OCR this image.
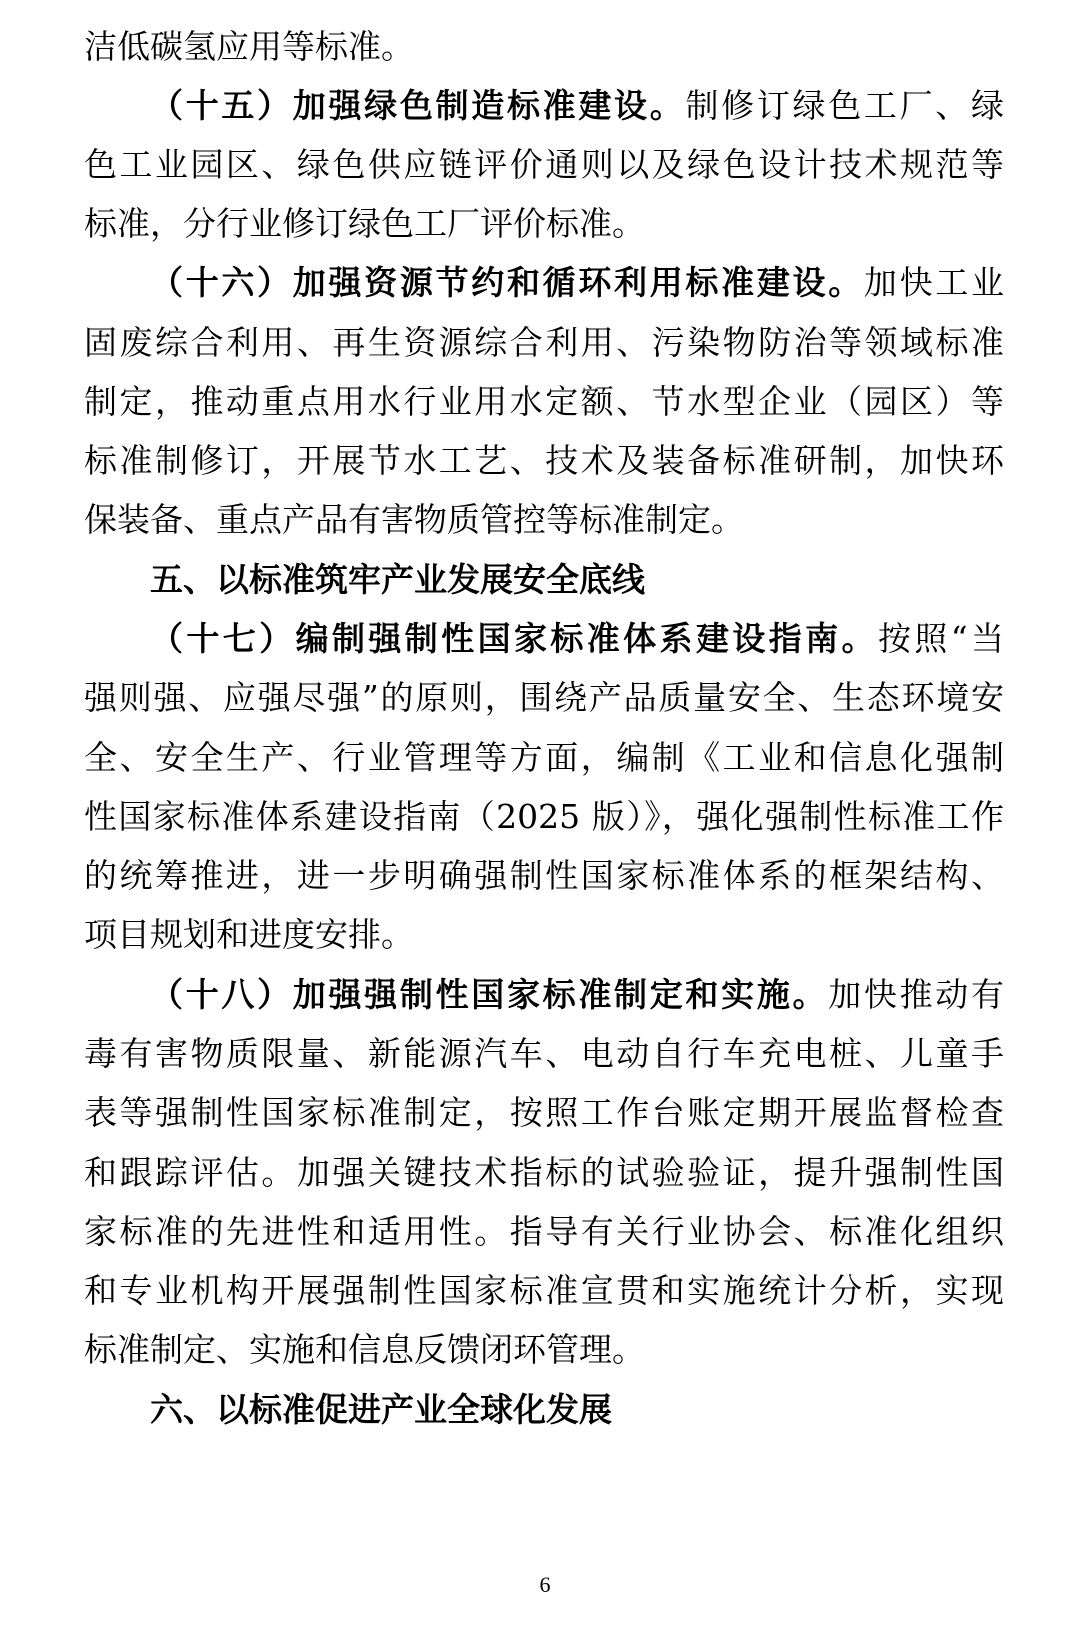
洁低碳氢应用等标准。
（十五）加强绿色制造标准建设。制修订绿色工厂、绿
色工业园区、绿色供应链评价通则以及绿色设计技术规范等
标准，分行业修订绿色工厂评价标准。
（十六）加强资源节约和循环利用标准建设。加快工业
固废综合利用、再生资源综合利用、污染物防治等领域标准
制定，推动重点用水行业用水定额、节水型企业（园区）等
标准制修订，开展节水工艺、技术及装备标准研制，加快环
保装备、重点产品有害物质管控等标准制定。
五、以标准筑牢产业发展安全底线
（十七）编制强制性国家标准体系建设指南。按照“当
强则强、应强尽强”的原则，围绕产品质量安全、生态环境安
全、安全生产、行业管理等方面，编制《工业和信息化强制
性国家标准体系建设指南（2025 版）》，强化强制性标准工作
的统筹推进，进一步明确强制性国家标准体系的框架结构、
项目规划和进度安排。
（十八）加强强制性国家标准制定和实施。加快推动有
毒有害物质限量、新能源汽车、电动自行车充电桩、儿童手
表等强制性国家标准制定，按照工作台账定期开展监督检查
和跟踪评估。加强关键技术指标的试验验证，提升强制性国
家标准的先进性和适用性。指导有关行业协会、标准化组织
和专业机构开展强制性国家标准宣贯和实施统计分析，实现
标准制定、实施和信息反馈闭环管理。
六、以标准促进产业全球化发展
6
